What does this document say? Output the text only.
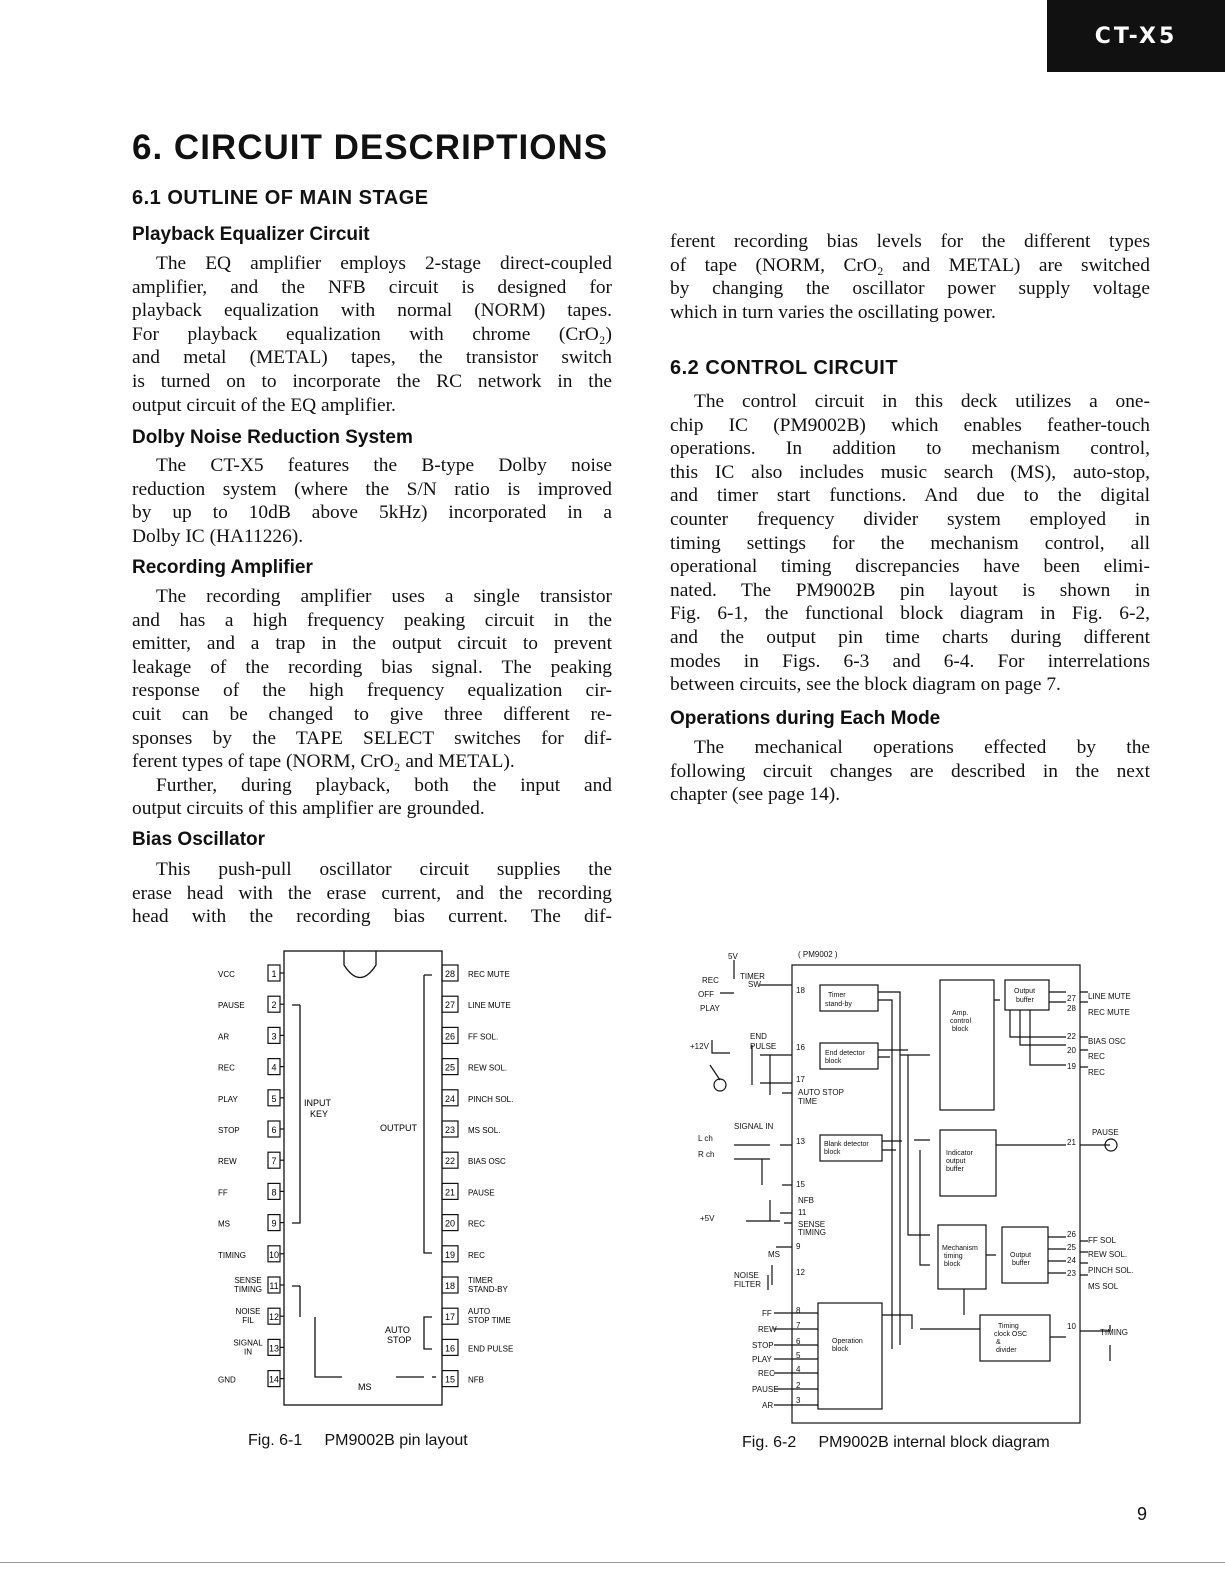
CT-X5
6. CIRCUIT DESCRIPTIONS
6.1 OUTLINE OF MAIN STAGE
Playback Equalizer Circuit
The EQ amplifier employs 2-stage direct-coupled
amplifier, and the NFB circuit is designed for
playback equalization with normal (NORM) tapes.
For playback equalization with chrome (CrO₂)
and metal (METAL) tapes, the transistor switch
is turned on to incorporate the RC network in the
output circuit of the EQ amplifier.
Dolby Noise Reduction System
The CT-X5 features the B-type Dolby noise
reduction system (where the S/N ratio is improved
by up to 10dB above 5kHz) incorporated in a
Dolby IC (HA11226).
Recording Amplifier
The recording amplifier uses a single transistor
and has a high frequency peaking circuit in the
emitter, and a trap in the output circuit to prevent
leakage of the recording bias signal. The peaking
response of the high frequency equalization cir-
cuit can be changed to give three different re-
sponses by the TAPE SELECT switches for dif-
ferent types of tape (NORM, CrO₂ and METAL).
Further, during playback, both the input and
output circuits of this amplifier are grounded.
Bias Oscillator
This push-pull oscillator circuit supplies the
erase head with the erase current, and the recording
head with the recording bias current. The dif-
ferent recording bias levels for the different types
of tape (NORM, CrO₂ and METAL) are switched
by changing the oscillator power supply voltage
which in turn varies the oscillating power.
6.2 CONTROL CIRCUIT
The control circuit in this deck utilizes a one-
chip IC (PM9002B) which enables feather-touch
operations. In addition to mechanism control,
this IC also includes music search (MS), auto-stop,
and timer start functions. And due to the digital
counter frequency divider system employed in
timing settings for the mechanism control, all
operational timing discrepancies have been elimi-
nated. The PM9002B pin layout is shown in
Fig. 6-1, the functional block diagram in Fig. 6-2,
and the output pin time charts during different
modes in Figs. 6-3 and 6-4. For interrelations
between circuits, see the block diagram on page 7.
Operations during Each Mode
The mechanical operations effected by the
following circuit changes are described in the next
chapter (see page 14).
1
VCC
2
PAUSE
3
AR
4
REC
5
PLAY
6
STOP
7
REW
8
FF
9
MS
10
TIMING
11
SENSE
TIMING
12
NOISE
FIL
13
SIGNAL
IN
14
GND
28 REC MUTE
27 LINE MUTE
26 FF SOL.
25 REW SOL.
24 PINCH SOL.
23 MS SOL.
22 BIAS OSC
21 PAUSE
20 REC
19 REC
18
TIMER
STAND-BY
17
AUTO
STOP TIME
16 END PULSE
15 NFB
INPUT
KEY
OUTPUT
AUTO
STOP
MS
Fig. 6-1 PM9002B pin layout
Timer
stand-by
End detector
block
Blank detector
block
Amp.
control
block
Indicator
output
buffer
Output
buffer
Mechanism
timing
block
Output
buffer
Timing
clock OSC
&
divider
Operation
block
( PM9002 )
5V
REC
OFF
PLAY
TIMER
SW
+12V
END
PULSE
AUTO STOP
TIME
SIGNAL IN
L ch
R ch
NFB
+5V
SENSE
TIMING
MS
NOISE
FILTER
FF
REW
STOP
PLAY
REC
PAUSE
AR
LINE MUTE
REC MUTE
BIAS OSC
REC
REC
PAUSE
FF SOL
REW SOL.
PINCH SOL.
MS SOL
TIMING
18
16
17
13
15
11
9
12
8
7
6
5
4
2
3
27
28
22
20
19
21
26
25
24
23
10
Fig. 6-2 PM9002B internal block diagram
9
